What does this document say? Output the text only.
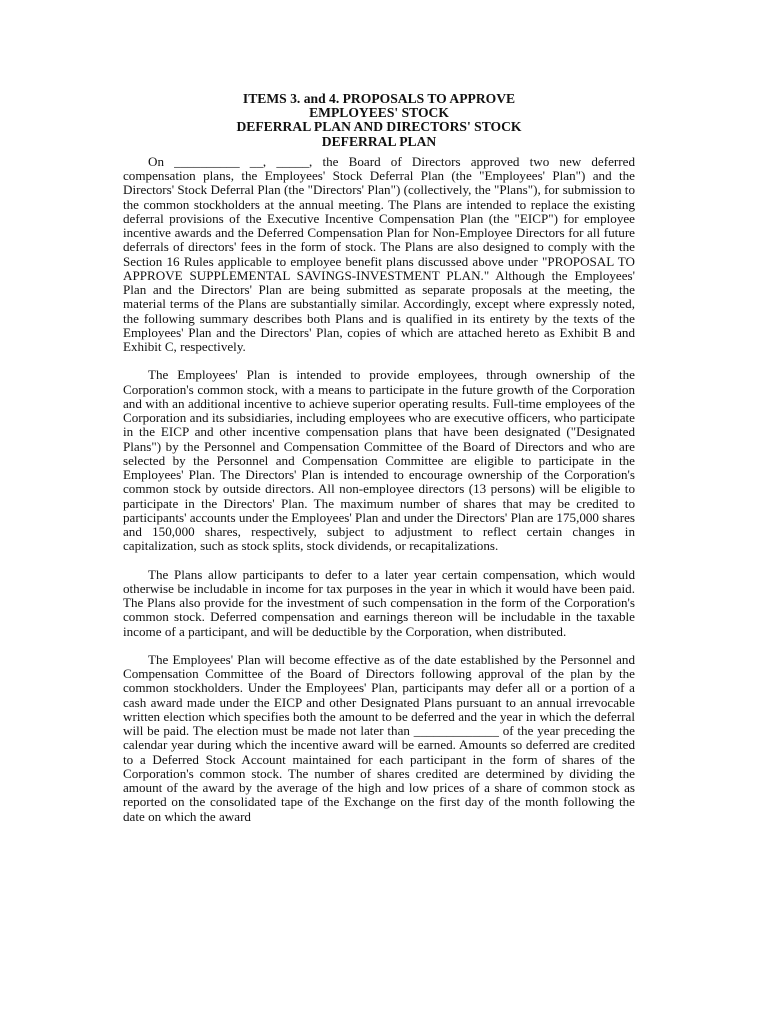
ITEMS 3. and 4. PROPOSALS TO APPROVE
EMPLOYEES' STOCK
DEFERRAL PLAN AND DIRECTORS' STOCK
DEFERRAL PLAN

On __________ __, _____, the Board of Directors approved two new deferred compensation plans, the Employees' Stock Deferral Plan (the "Employees' Plan") and the Directors' Stock Deferral Plan (the "Directors' Plan") (collectively, the "Plans"), for submission to the common stockholders at the annual meeting. The Plans are intended to replace the existing deferral provisions of the Executive Incentive Compensation Plan (the "EICP") for employee incentive awards and the Deferred Compensation Plan for Non-Employee Directors for all future deferrals of directors' fees in the form of stock. The Plans are also designed to comply with the Section 16 Rules applicable to employee benefit plans discussed above under "PROPOSAL TO APPROVE SUPPLEMENTAL SAVINGS-INVESTMENT PLAN." Although the Employees' Plan and the Directors' Plan are being submitted as separate proposals at the meeting, the material terms of the Plans are substantially similar. Accordingly, except where expressly noted, the following summary describes both Plans and is qualified in its entirety by the texts of the Employees' Plan and the Directors' Plan, copies of which are attached hereto as Exhibit B and Exhibit C, respectively.

The Employees' Plan is intended to provide employees, through ownership of the Corporation's common stock, with a means to participate in the future growth of the Corporation and with an additional incentive to achieve superior operating results. Full-time employees of the Corporation and its subsidiaries, including employees who are executive officers, who participate in the EICP and other incentive compensation plans that have been designated ("Designated Plans") by the Personnel and Compensation Committee of the Board of Directors and who are selected by the Personnel and Compensation Committee are eligible to participate in the Employees' Plan. The Directors' Plan is intended to encourage ownership of the Corporation's common stock by outside directors. All non-employee directors (13 persons) will be eligible to participate in the Directors' Plan. The maximum number of shares that may be credited to participants' accounts under the Employees' Plan and under the Directors' Plan are 175,000 shares and 150,000 shares, respectively, subject to adjustment to reflect certain changes in capitalization, such as stock splits, stock dividends, or recapitalizations.

The Plans allow participants to defer to a later year certain compensation, which would otherwise be includable in income for tax purposes in the year in which it would have been paid. The Plans also provide for the investment of such compensation in the form of the Corporation's common stock. Deferred compensation and earnings thereon will be includable in the taxable income of a participant, and will be deductible by the Corporation, when distributed.

The Employees' Plan will become effective as of the date established by the Personnel and Compensation Committee of the Board of Directors following approval of the plan by the common stockholders. Under the Employees' Plan, participants may defer all or a portion of a cash award made under the EICP and other Designated Plans pursuant to an annual irrevocable written election which specifies both the amount to be deferred and the year in which the deferral will be paid. The election must be made not later than _____________ of the year preceding the calendar year during which the incentive award will be earned. Amounts so deferred are credited to a Deferred Stock Account maintained for each participant in the form of shares of the Corporation's common stock. The number of shares credited are determined by dividing the amount of the award by the average of the high and low prices of a share of common stock as reported on the consolidated tape of the Exchange on the first day of the month following the date on which the award
